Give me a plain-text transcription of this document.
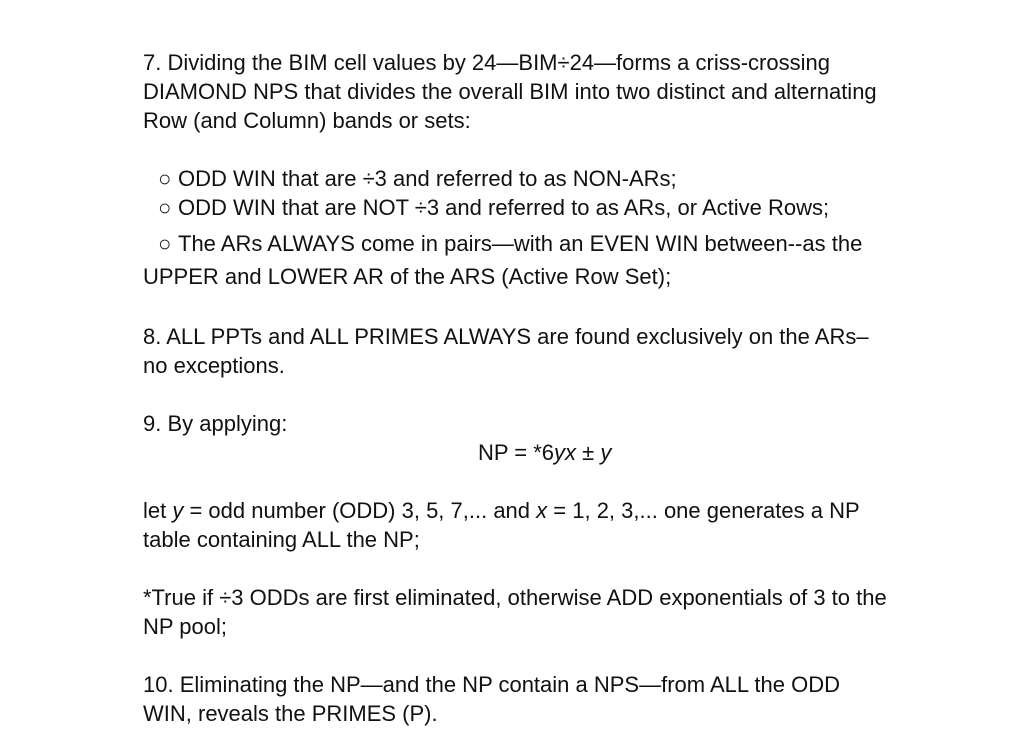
7. Dividing the BIM cell values by 24—BIM÷24—forms a criss-crossing

DIAMOND NPS that divides the overall BIM into two distinct and alternating

Row (and Column) bands or sets:

○ ODD WIN that are ÷3 and referred to as NON-ARs;

○ ODD WIN that are NOT ÷3 and referred to as ARs, or Active Rows;

○ The ARs ALWAYS come in pairs—with an EVEN WIN between--as the
UPPER and LOWER AR of the ARS (Active Row Set);

8. ALL PPTs and ALL PRIMES ALWAYS are found exclusively on the ARs–

no exceptions.

9. By applying:

NP = *6yx ± y

let y = odd number (ODD) 3, 5, 7,... and x = 1, 2, 3,... one generates a NP

table containing ALL the NP;

*True if ÷3 ODDs are first eliminated, otherwise ADD exponentials of 3 to the

NP pool;

10. Eliminating the NP—and the NP contain a NPS—from ALL the ODD

WIN, reveals the PRIMES (P).
